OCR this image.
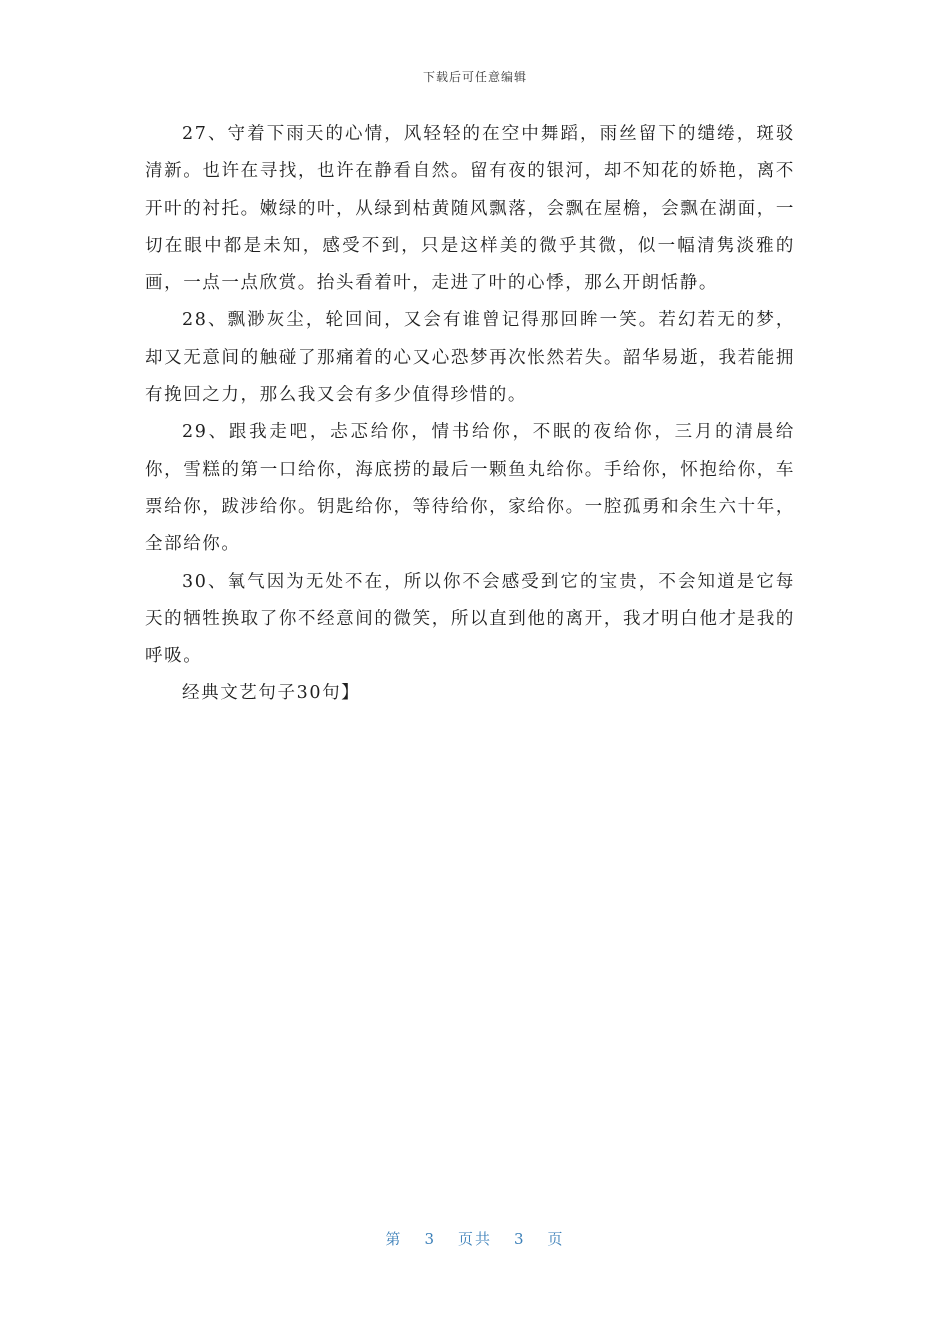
下载后可任意编辑

27、守着下雨天的心情，风轻轻的在空中舞蹈，雨丝留下的缱绻，斑驳清新。也许在寻找，也许在静看自然。留有夜的银河，却不知花的娇艳，离不开叶的衬托。嫩绿的叶，从绿到枯黄随风飘落，会飘在屋檐，会飘在湖面，一切在眼中都是未知，感受不到，只是这样美的微乎其微，似一幅清隽淡雅的画，一点一点欣赏。抬头看着叶，走进了叶的心悸，那么开朗恬静。

28、飘渺灰尘，轮回间，又会有谁曾记得那回眸一笑。若幻若无的梦，却又无意间的触碰了那痛着的心又心恐梦再次怅然若失。韶华易逝，我若能拥有挽回之力，那么我又会有多少值得珍惜的。

29、跟我走吧，忐忑给你，情书给你，不眠的夜给你，三月的清晨给你，雪糕的第一口给你，海底捞的最后一颗鱼丸给你。手给你，怀抱给你，车票给你，跋涉给你。钥匙给你，等待给你，家给你。一腔孤勇和余生六十年，全部给你。

30、氧气因为无处不在，所以你不会感受到它的宝贵，不会知道是它每天的牺牲换取了你不经意间的微笑，所以直到他的离开，我才明白他才是我的呼吸。

经典文艺句子30句】

第 3 页共 3 页
